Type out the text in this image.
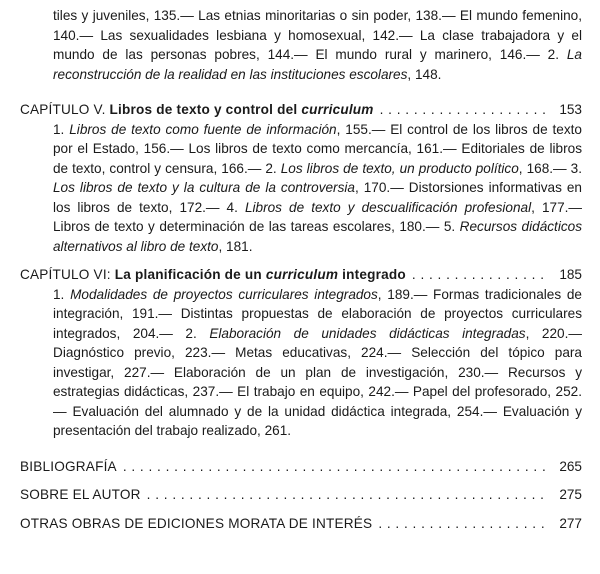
tiles y juveniles, 135.— Las etnias minoritarias o sin poder, 138.— El mundo femenino, 140.— Las sexualidades lesbiana y homosexual, 142.— La clase trabajadora y el mundo de las personas pobres, 144.— El mundo rural y marinero, 146.— 2. La reconstrucción de la realidad en las instituciones escolares, 148.
CAPÍTULO V. Libros de texto y control del curriculum . . .	153
1. Libros de texto como fuente de información, 155.— El control de los libros de texto por el Estado, 156.— Los libros de texto como mercancía, 161.— Editoriales de libros de texto, control y censura, 166.— 2. Los libros de texto, un producto político, 168.— 3. Los libros de texto y la cultura de la controversia, 170.— Distorsiones informativas en los libros de texto, 172.— 4. Libros de texto y descualificación profesional, 177.— Libros de texto y determinación de las tareas escolares, 180.— 5. Recursos didácticos alternativos al libro de texto, 181.
CAPÍTULO VI: La planificación de un curriculum integrado . . .	185
1. Modalidades de proyectos curriculares integrados, 189.— Formas tradicionales de integración, 191.— Distintas propuestas de elaboración de proyectos curriculares integrados, 204.— 2. Elaboración de unidades didácticas integradas, 220.— Diagnóstico previo, 223.— Metas educativas, 224.— Selección del tópico para investigar, 227.— Elaboración de un plan de investigación, 230.— Recursos y estrategias didácticas, 237.— El trabajo en equipo, 242.— Papel del profesorado, 252.— Evaluación del alumnado y de la unidad didáctica integrada, 254.— Evaluación y presentación del trabajo realizado, 261.
BIBLIOGRAFÍA . . .	265
SOBRE EL AUTOR . . .	275
OTRAS OBRAS DE EDICIONES MORATA DE INTERÉS . . .	277
